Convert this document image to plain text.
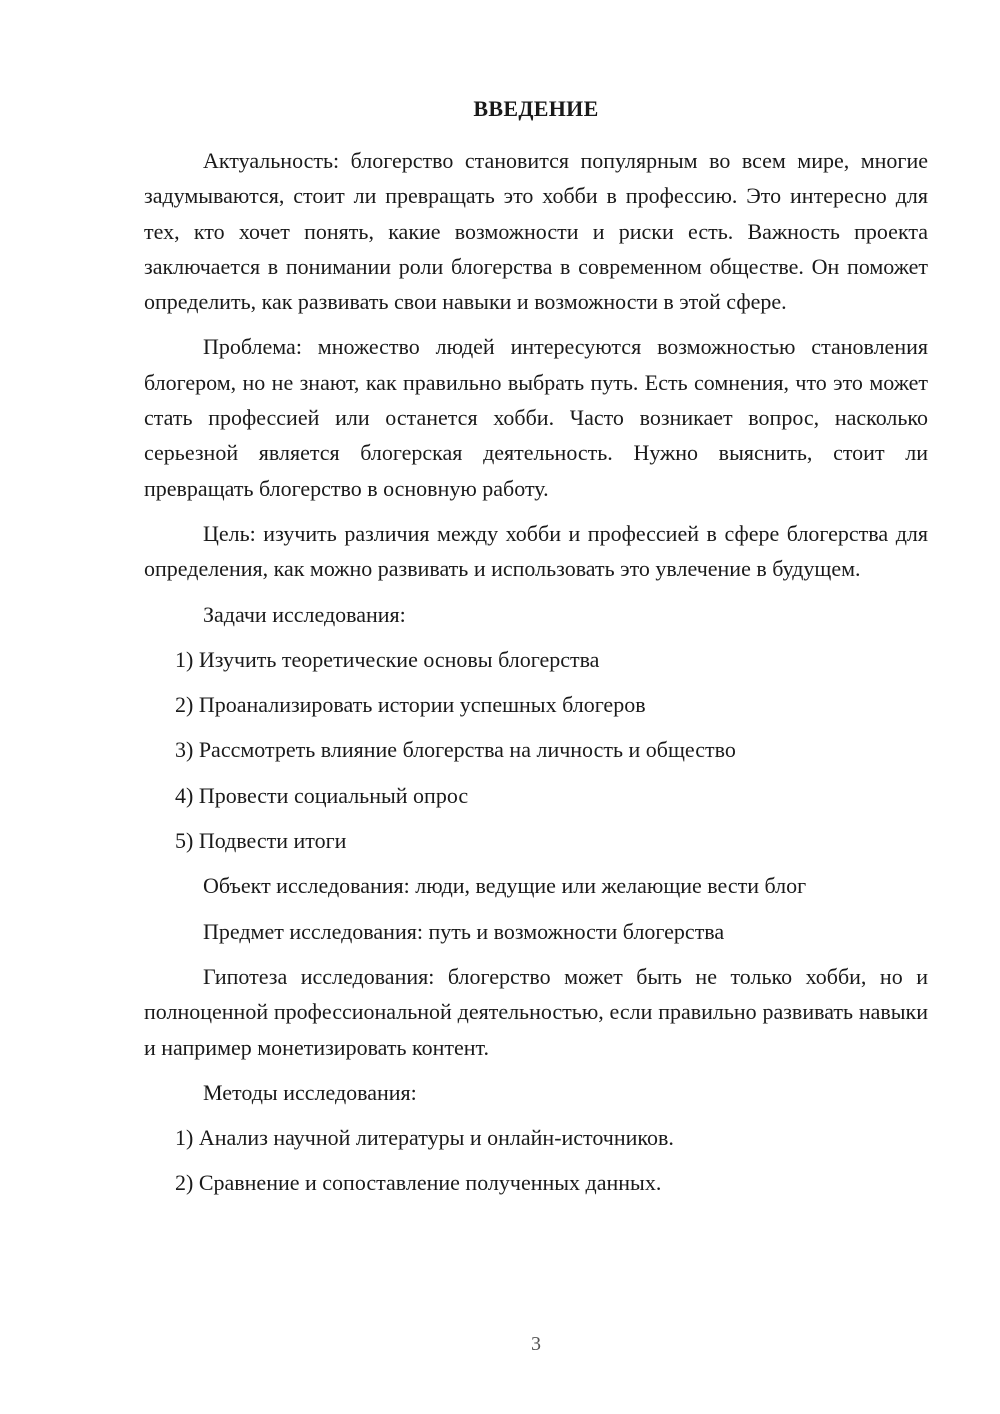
ВВЕДЕНИЕ

Актуальность: блогерство становится популярным во всем мире, многие задумываются, стоит ли превращать это хобби в профессию. Это интересно для тех, кто хочет понять, какие возможности и риски есть. Важность проекта заключается в понимании роли блогерства в современном обществе. Он поможет определить, как развивать свои навыки и возможности в этой сфере.

Проблема: множество людей интересуются возможностью становления блогером, но не знают, как правильно выбрать путь. Есть сомнения, что это может стать профессией или останется хобби. Часто возникает вопрос, насколько серьезной является блогерская деятельность. Нужно выяснить, стоит ли превращать блогерство в основную работу.

Цель: изучить различия между хобби и профессией в сфере блогерства для определения, как можно развивать и использовать это увлечение в будущем.

Задачи исследования:

1) Изучить теоретические основы блогерства

2) Проанализировать истории успешных блогеров

3) Рассмотреть влияние блогерства на личность и общество

4) Провести социальный опрос

5) Подвести итоги

Объект исследования: люди, ведущие или желающие вести блог

Предмет исследования: путь и возможности блогерства

Гипотеза исследования: блогерство может быть не только хобби, но и полноценной профессиональной деятельностью, если правильно развивать навыки и например монетизировать контент.

Методы исследования:

1) Анализ научной литературы и онлайн-источников.

2) Сравнение и сопоставление полученных данных.

3
